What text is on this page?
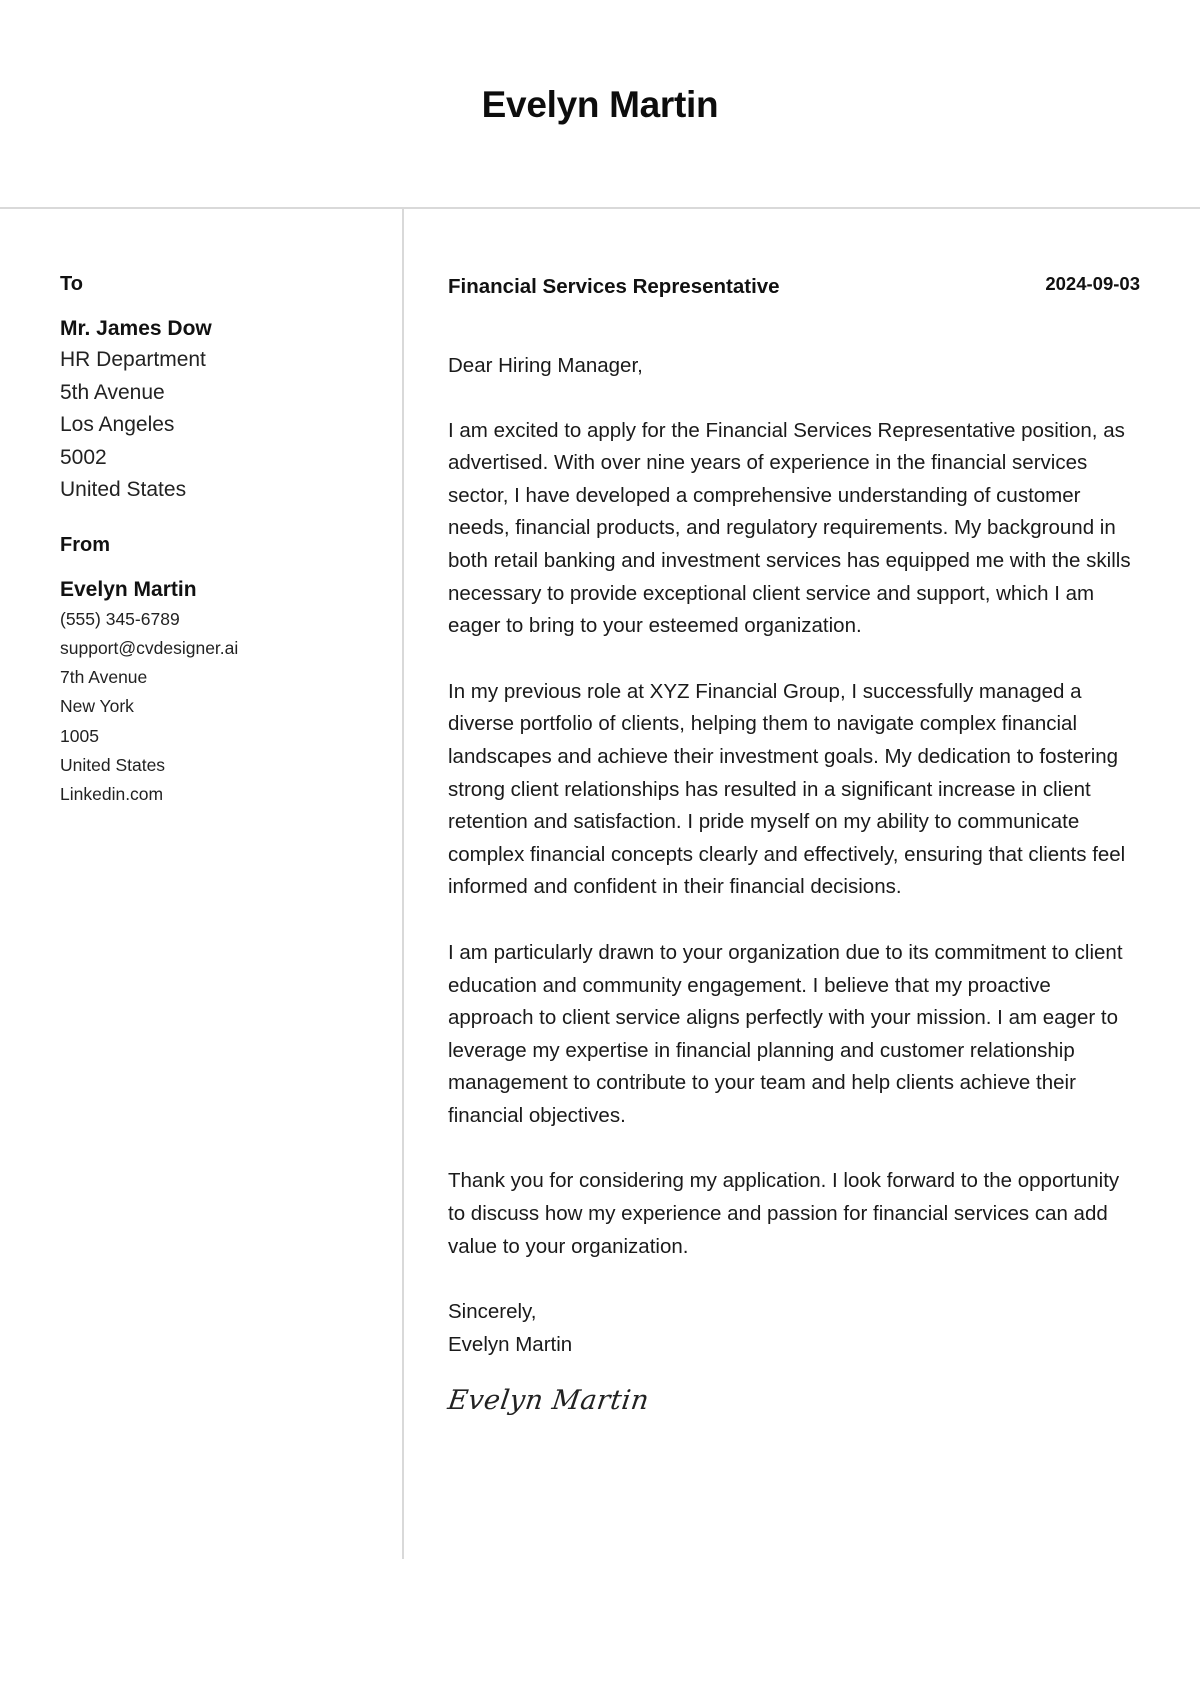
Evelyn Martin
To
Mr. James Dow
HR Department
5th Avenue
Los Angeles
5002
United States
From
Evelyn Martin
(555) 345-6789
support@cvdesigner.ai
7th Avenue
New York
1005
United States
Linkedin.com
Financial Services Representative	2024-09-03

Dear Hiring Manager,

I am excited to apply for the Financial Services Representative position, as advertised. With over nine years of experience in the financial services sector, I have developed a comprehensive understanding of customer needs, financial products, and regulatory requirements. My background in both retail banking and investment services has equipped me with the skills necessary to provide exceptional client service and support, which I am eager to bring to your esteemed organization.

In my previous role at XYZ Financial Group, I successfully managed a diverse portfolio of clients, helping them to navigate complex financial landscapes and achieve their investment goals. My dedication to fostering strong client relationships has resulted in a significant increase in client retention and satisfaction. I pride myself on my ability to communicate complex financial concepts clearly and effectively, ensuring that clients feel informed and confident in their financial decisions.

I am particularly drawn to your organization due to its commitment to client education and community engagement. I believe that my proactive approach to client service aligns perfectly with your mission. I am eager to leverage my expertise in financial planning and customer relationship management to contribute to your team and help clients achieve their financial objectives.

Thank you for considering my application. I look forward to the opportunity to discuss how my experience and passion for financial services can add value to your organization.

Sincerely,

Evelyn Martin

Evelyn Martin
